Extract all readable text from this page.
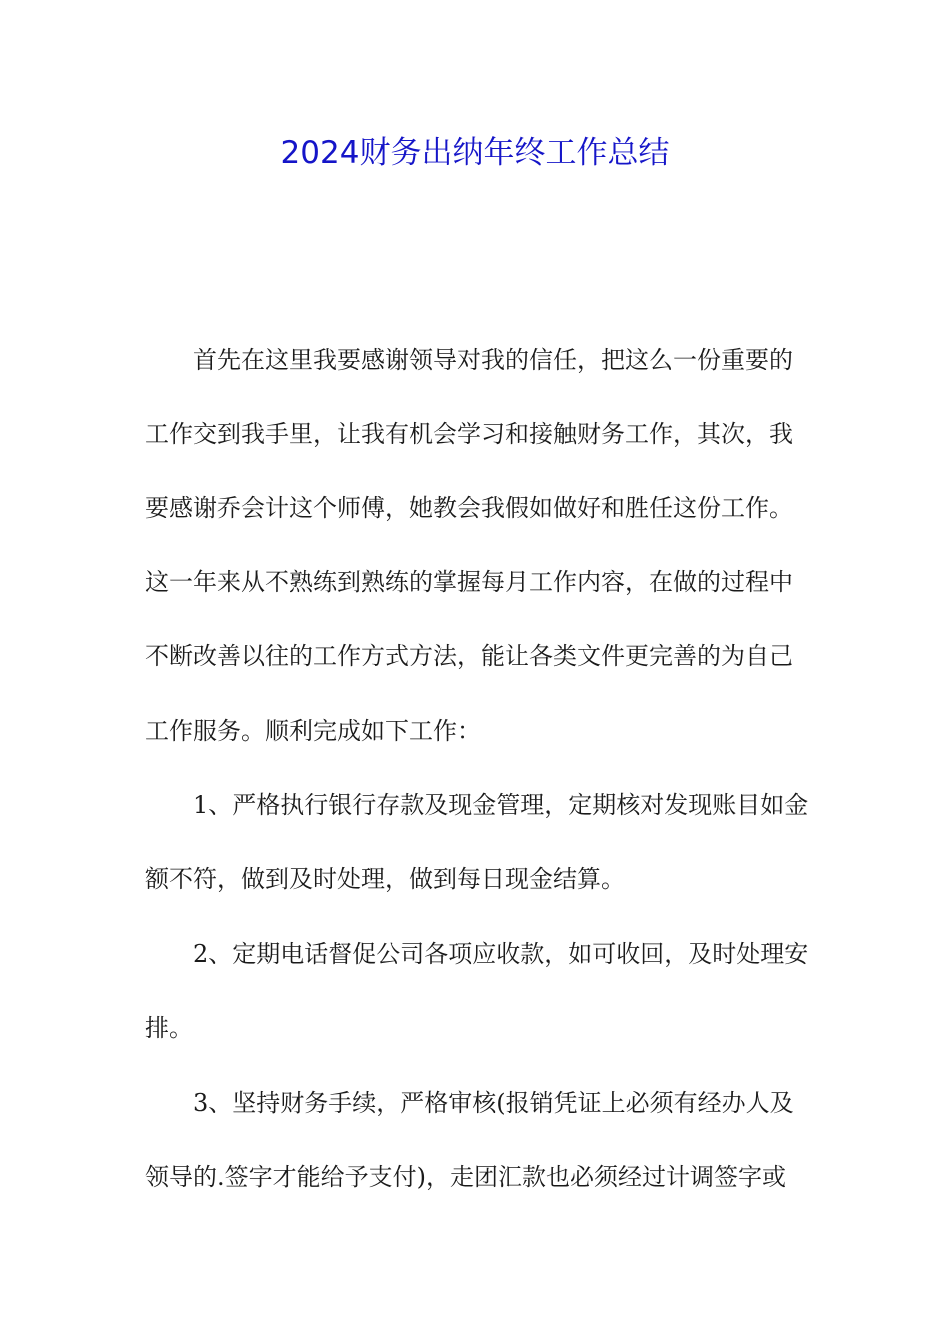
2024财务出纳年终工作总结
首先在这里我要感谢领导对我的信任，把这么一份重要的
工作交到我手里，让我有机会学习和接触财务工作，其次，我
要感谢乔会计这个师傅，她教会我假如做好和胜任这份工作。
这一年来从不熟练到熟练的掌握每月工作内容，在做的过程中
不断改善以往的工作方式方法，能让各类文件更完善的为自己
工作服务。顺利完成如下工作：
1、严格执行银行存款及现金管理，定期核对发现账目如金
额不符，做到及时处理，做到每日现金结算。
2、定期电话督促公司各项应收款，如可收回，及时处理安
排。
3、坚持财务手续，严格审核(报销凭证上必须有经办人及
领导的.签字才能给予支付)，走团汇款也必须经过计调签字或
